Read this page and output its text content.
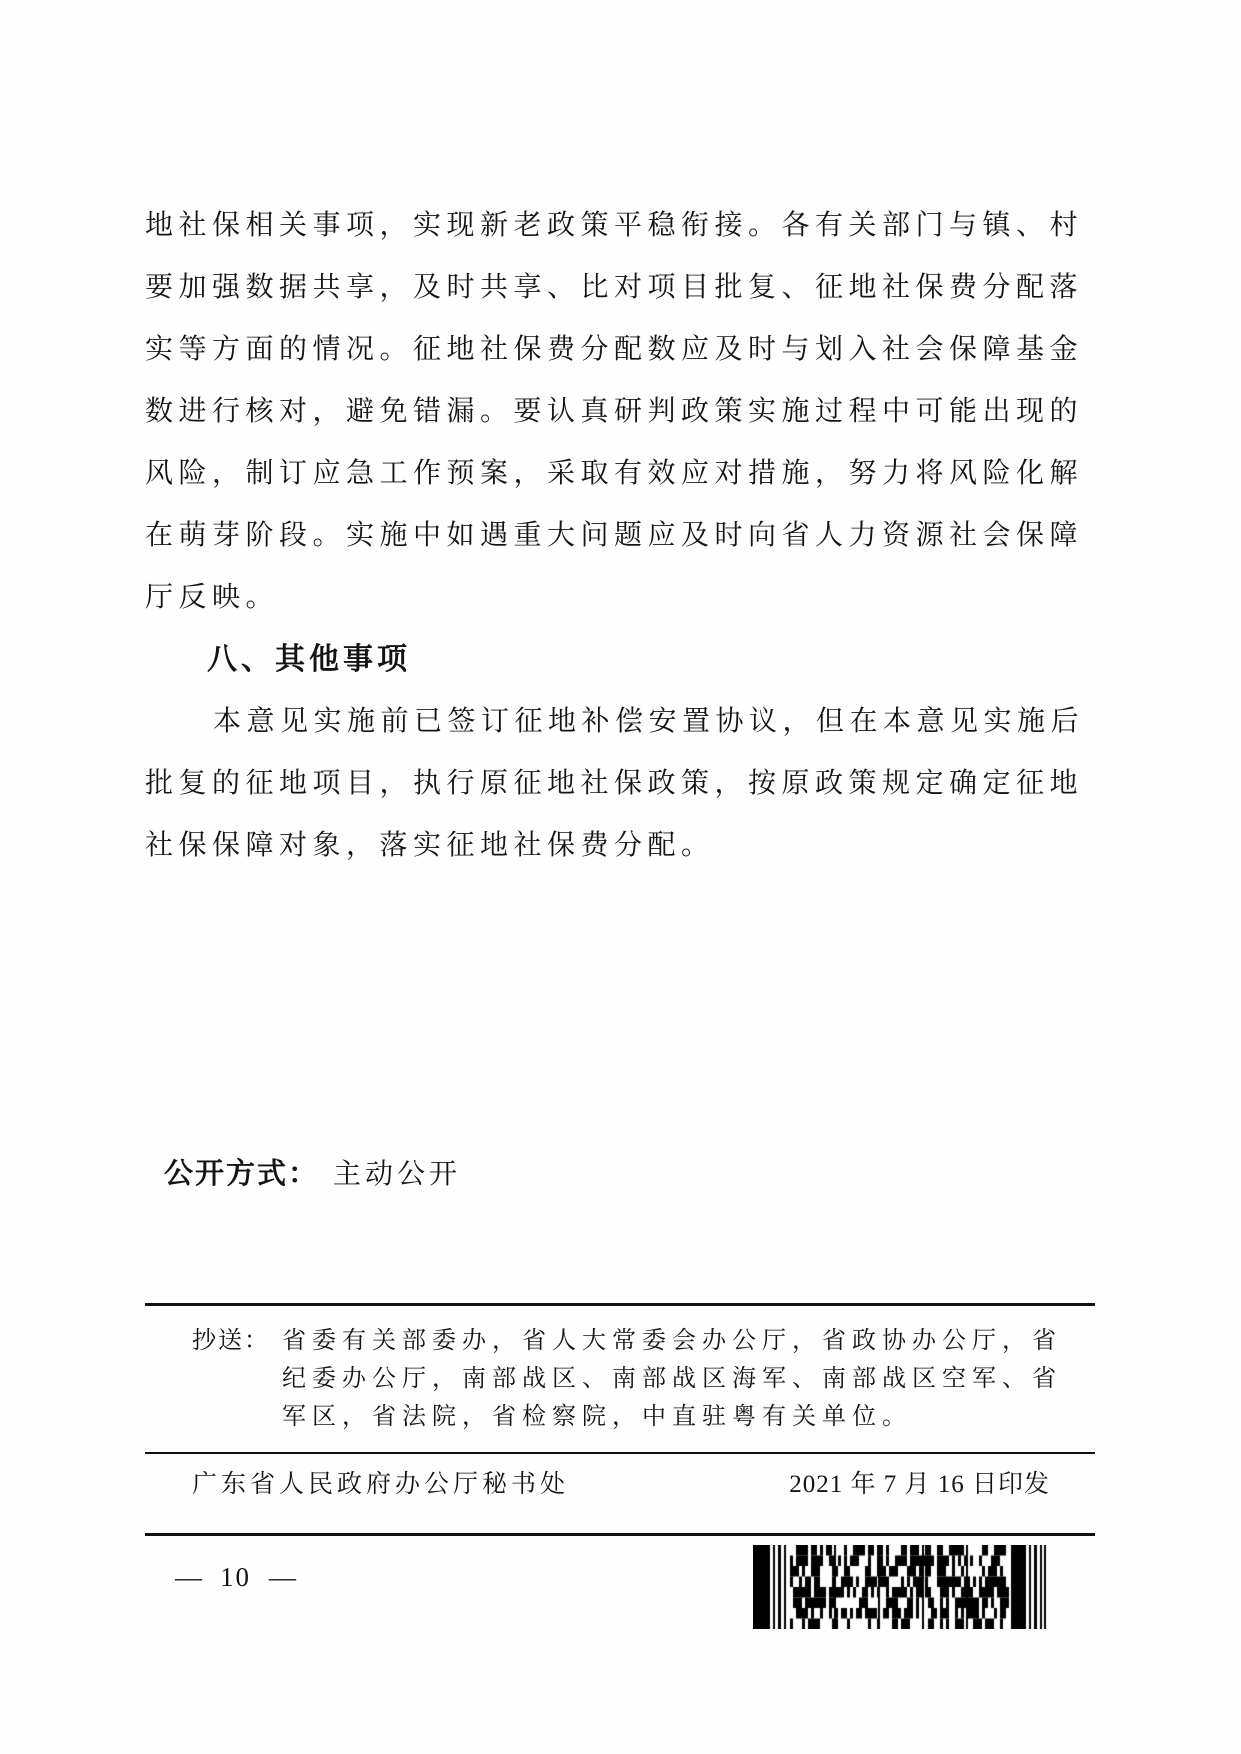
地社保相关事项，实现新老政策平稳衔接。各有关部门与镇、村
要加强数据共享，及时共享、比对项目批复、征地社保费分配落
实等方面的情况。征地社保费分配数应及时与划入社会保障基金
数进行核对，避免错漏。要认真研判政策实施过程中可能出现的
风险，制订应急工作预案，采取有效应对措施，努力将风险化解
在萌芽阶段。实施中如遇重大问题应及时向省人力资源社会保障
厅反映。
八、其他事项
本意见实施前已签订征地补偿安置协议，但在本意见实施后
批复的征地项目，执行原征地社保政策，按原政策规定确定征地
社保保障对象，落实征地社保费分配。
公开方式： 主动公开
抄送： 省委有关部委办，省人大常委会办公厅，省政协办公厅，省
纪委办公厅，南部战区、南部战区海军、南部战区空军、省
军区，省法院，省检察院，中直驻粤有关单位。
广东省人民政府办公厅秘书处	2021 年 7 月 16 日印发
— 10 —
